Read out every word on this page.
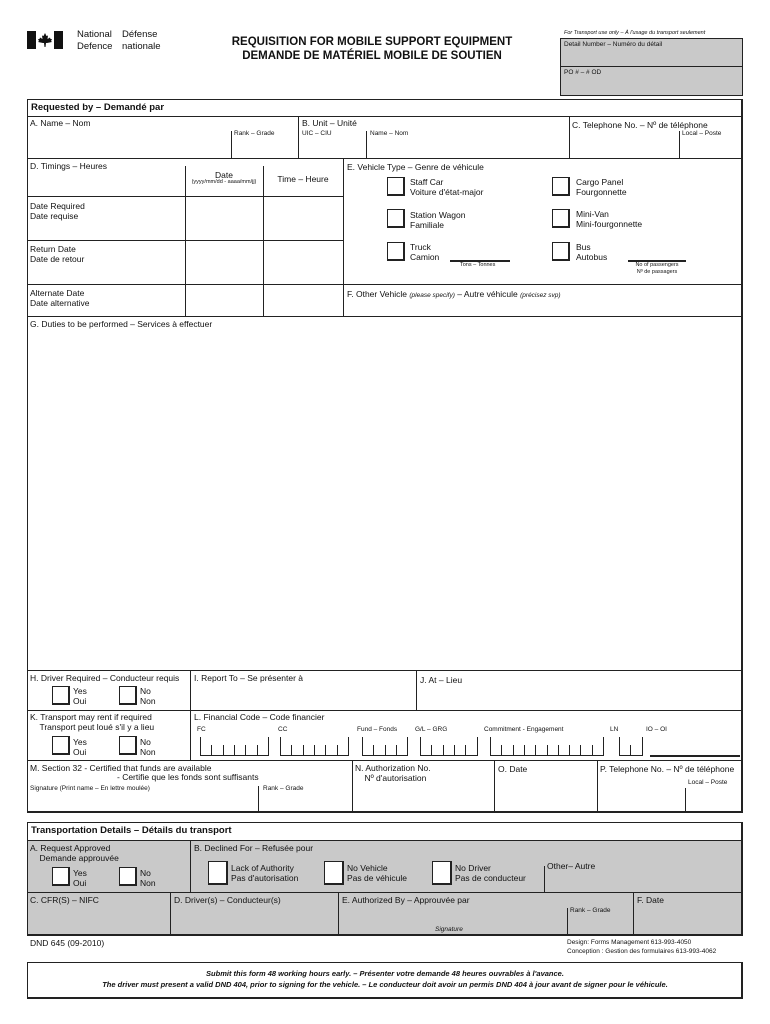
National
Defence
Défense
nationale	REQUISITION FOR MOBILE SUPPORT EQUIPMENT
DEMANDE DE MATÉRIEL MOBILE DE SOUTIEN
For Transport use only – À l'usage du transport seulement
Detail Number – Numéro du détail
PO # – # OD
Requested by – Demandé par
A. Name – Nom
Rank – Grade
B. Unit – Unité
UIC – CIU	Name – Nom
C. Telephone No. – Nº de téléphone
Local – Poste
D. Timings – Heures
Date
(yyyy/mm/dd - aaaa/mm/jj)	Time – Heure
Date Required
Date requise
Return Date
Date de retour
Alternate Date
Date alternative
E. Vehicle Type – Genre de véhicule
Staff Car
Voiture d'état-major
Cargo Panel
Fourgonnette
Station Wagon
Familiale
Mini-Van
Mini-fourgonnette
Truck
Camion
Tons – Tonnes
Bus
Autobus
No of passengers
Nº de passagers
F. Other Vehicle (please specify) – Autre véhicule (précisez svp)
G. Duties to be performed – Services à effectuer
H. Driver Required – Conducteur requis
Yes
Oui
No
Non
I. Report To – Se présenter à	J. At – Lieu
K. Transport may rent if required
Transport peut loué s'il y a lieu
Yes
Oui
No
Non
L. Financial Code – Code financier
FC	CC	Fund – Fonds	G/L – GRG	Commitment - Engagement	LN	IO – OI
M. Section 32 - Certified that funds are available
- Certifie que les fonds sont suffisants
Signature (Print name – En lettre moulée)	Rank – Grade
N. Authorization No.
Nº d'autorisation
O. Date	P. Telephone No. – Nº de téléphone
Local – Poste
Transportation Details – Détails du transport
A. Request Approved
Demande approuvée
Yes
Oui
No
Non
B. Declined For – Refusée pour
Lack of Authority
Pas d'autorisation
No Vehicle
Pas de véhicule
No Driver
Pas de conducteur
Other– Autre
C. CFR(S) – NIFC	D. Driver(s) – Conducteur(s)	E. Authorized By – Approuvée par
Rank – Grade
Signature
F. Date
DND 645 (09-2010)	Design: Forms Management 613-993-4050
Conception : Gestion des formulaires 613-993-4062
Submit this form 48 working hours early. – Présenter votre demande 48 heures ouvrables à l'avance.
The driver must present a valid DND 404, prior to signing for the vehicle. – Le conducteur doit avoir un permis DND 404 à jour avant de signer pour le véhicule.
